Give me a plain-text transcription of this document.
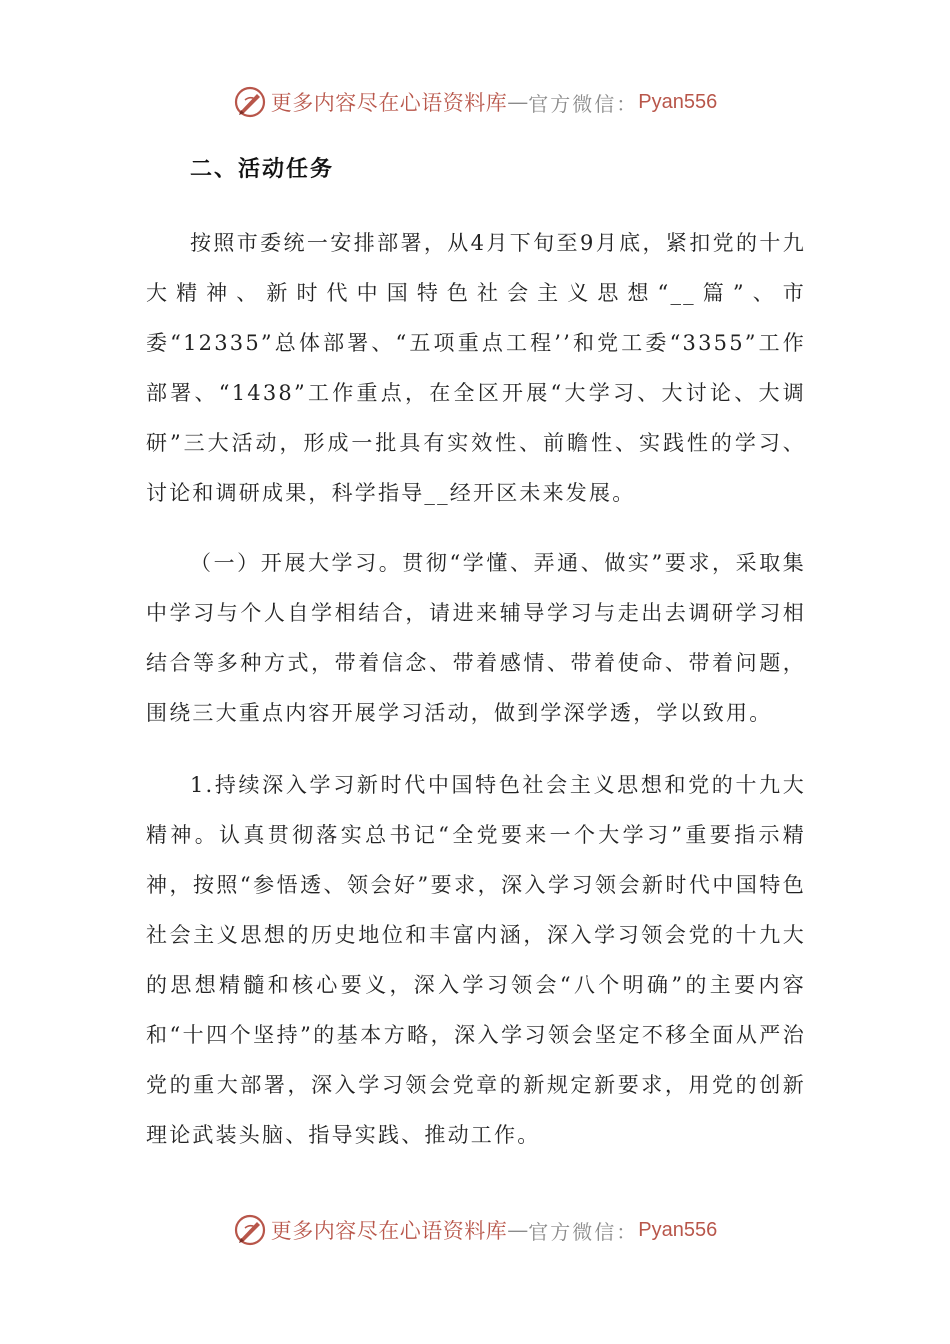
更多内容尽在心语资料库 — 官方微信： Pyan556
二、活动任务

按照市委统一安排部署，从4月下旬至9月底，紧扣党的十九大精神、新时代中国特色社会主义思想“__篇”、市委“12335”总体部署、“五项重点工程’’和党工委“3355”工作部署、“1438”工作重点，在全区开展“大学习、大讨论、大调研”三大活动，形成一批具有实效性、前瞻性、实践性的学习、讨论和调研成果，科学指导__经开区未来发展。

（一）开展大学习。贯彻“学懂、弄通、做实”要求，采取集中学习与个人自学相结合，请进来辅导学习与走出去调研学习相结合等多种方式，带着信念、带着感情、带着使命、带着问题，围绕三大重点内容开展学习活动，做到学深学透，学以致用。

1.持续深入学习新时代中国特色社会主义思想和党的十九大精神。认真贯彻落实总书记“全党要来一个大学习”重要指示精神，按照“参悟透、领会好”要求，深入学习领会新时代中国特色社会主义思想的历史地位和丰富内涵，深入学习领会党的十九大的思想精髓和核心要义，深入学习领会“八个明确”的主要内容和“十四个坚持”的基本方略，深入学习领会坚定不移全面从严治党的重大部署，深入学习领会党章的新规定新要求，用党的创新理论武装头脑、指导实践、推动工作。

更多内容尽在心语资料库 — 官方微信： Pyan556
